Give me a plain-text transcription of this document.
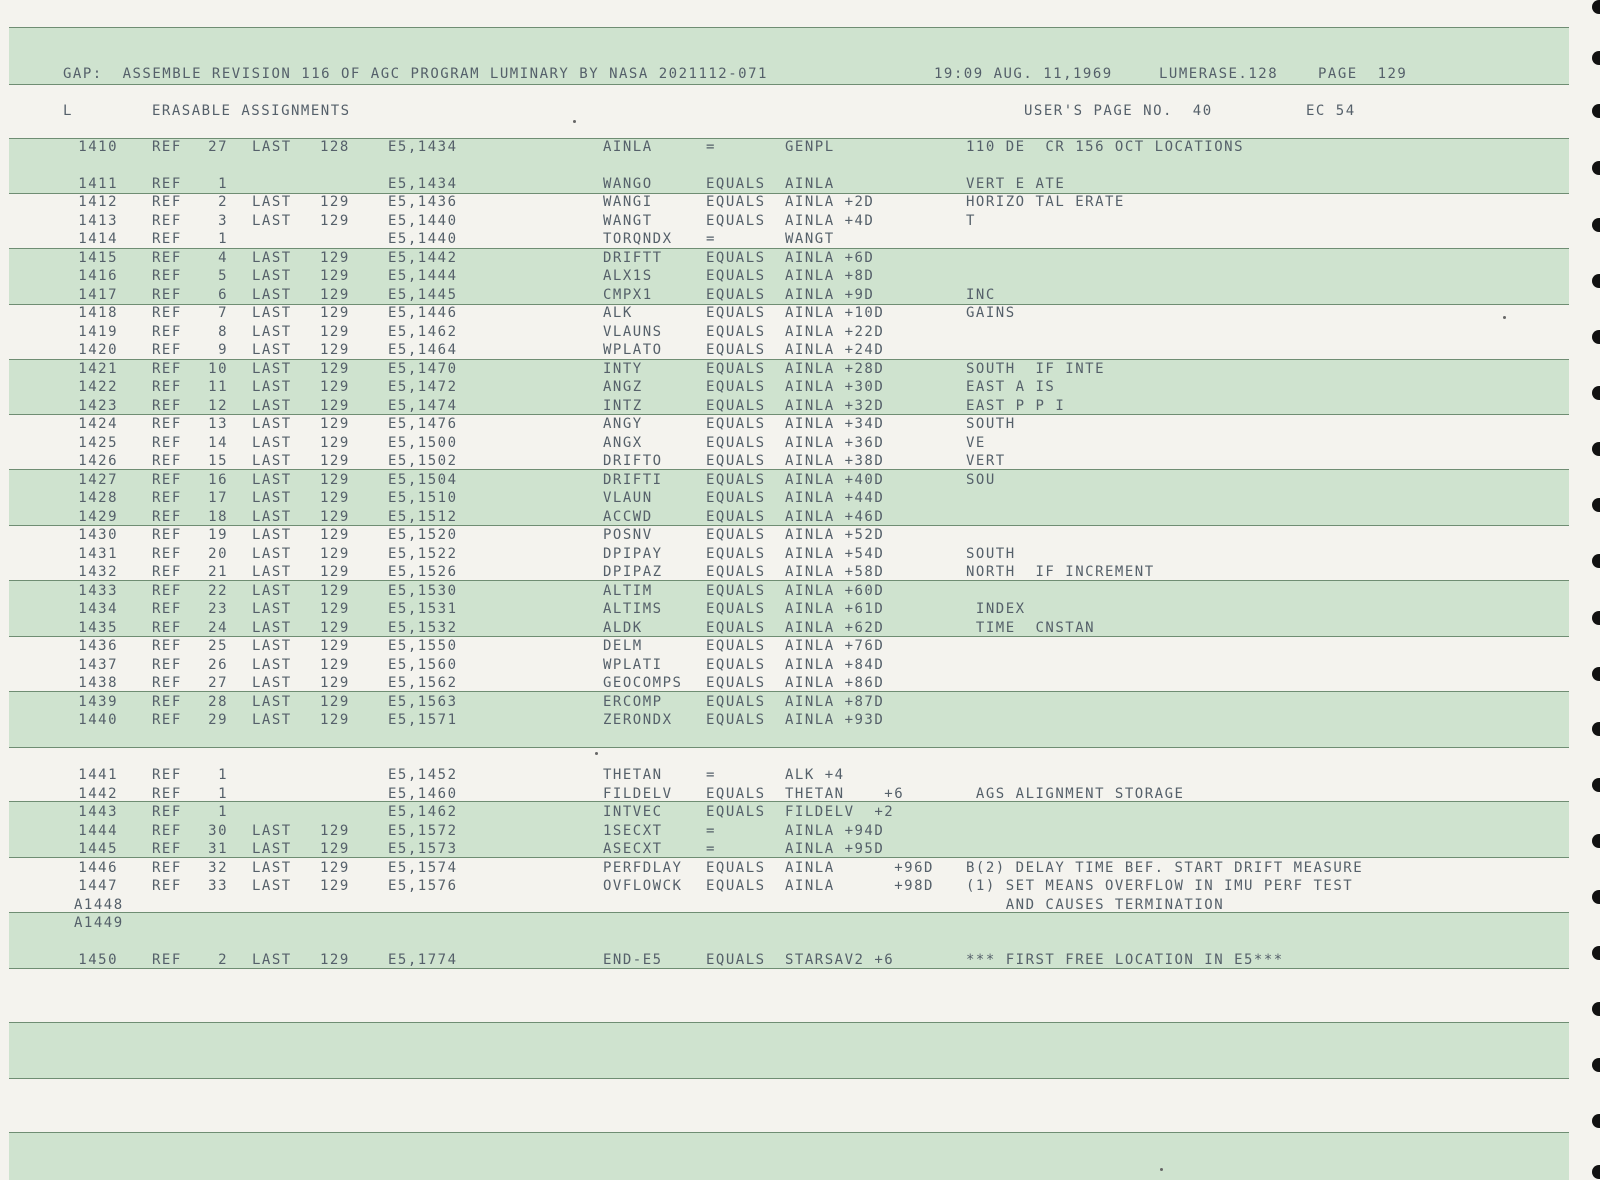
GAP:  ASSEMBLE REVISION 116 OF AGC PROGRAM LUMINARY BY NASA 2021112-071	19:09 AUG. 11,1969	LUMERASE.128	PAGE  129
L	ERASABLE ASSIGNMENTS	USER'S PAGE NO.  40	EC 54
1410 REF	27 LAST 128	E5,1434	AINLA	=	GENPL	110 DE  CR 156 OCT LOCATIONS
1411 REF	1	E5,1434	WANGO	EQUALS AINLA	VERT E ATE
1412 REF	2 LAST 129	E5,1436	WANGI	EQUALS AINLA +2D	HORIZO TAL ERATE
1413 REF	3 LAST 129	E5,1440	WANGT	EQUALS AINLA +4D	T
1414 REF	1	E5,1440	TORQNDX =	WANGT
1415 REF	4 LAST 129	E5,1442	DRIFTT	EQUALS AINLA +6D
1416 REF	5 LAST 129	E5,1444	ALX1S	EQUALS AINLA +8D
1417 REF	6 LAST 129	E5,1445	CMPX1	EQUALS AINLA +9D	INC
1418 REF	7 LAST 129	E5,1446	ALK	EQUALS AINLA +10D	GAINS
1419 REF	8 LAST 129	E5,1462	VLAUNS	EQUALS AINLA +22D
1420 REF	9 LAST 129	E5,1464	WPLATO	EQUALS AINLA +24D
1421 REF	10 LAST 129	E5,1470	INTY	EQUALS AINLA +28D	SOUTH  IF INTE
1422 REF	11 LAST 129	E5,1472	ANGZ	EQUALS AINLA +30D	EAST A IS
1423 REF	12 LAST 129	E5,1474	INTZ	EQUALS AINLA +32D	EAST P P I
1424 REF	13 LAST 129	E5,1476	ANGY	EQUALS AINLA +34D	SOUTH
1425 REF	14 LAST 129	E5,1500	ANGX	EQUALS AINLA +36D	VE
1426 REF	15 LAST 129	E5,1502	DRIFTO	EQUALS AINLA +38D	VERT
1427 REF	16 LAST 129	E5,1504	DRIFTI	EQUALS AINLA +40D	SOU
1428 REF	17 LAST 129	E5,1510	VLAUN	EQUALS AINLA +44D
1429 REF	18 LAST 129	E5,1512	ACCWD	EQUALS AINLA +46D
1430 REF	19 LAST 129	E5,1520	POSNV	EQUALS AINLA +52D
1431 REF	20 LAST 129	E5,1522	DPIPAY	EQUALS AINLA +54D	SOUTH
1432 REF	21 LAST 129	E5,1526	DPIPAZ	EQUALS AINLA +58D	NORTH  IF INCREMENT
1433 REF	22 LAST 129	E5,1530	ALTIM	EQUALS AINLA +60D
1434 REF	23 LAST 129	E5,1531	ALTIMS	EQUALS AINLA +61D	INDEX
1435 REF	24 LAST 129	E5,1532	ALDK	EQUALS AINLA +62D	TIME  CNSTAN
1436 REF	25 LAST 129	E5,1550	DELM	EQUALS AINLA +76D
1437 REF	26 LAST 129	E5,1560	WPLATI	EQUALS AINLA +84D
1438 REF	27 LAST 129	E5,1562	GEOCOMPS EQUALS AINLA +86D
1439 REF	28 LAST 129	E5,1563	ERCOMP	EQUALS AINLA +87D
1440 REF	29 LAST 129	E5,1571	ZERONDX EQUALS AINLA +93D
1441 REF	1	E5,1452	THETAN	=	ALK +4
1442 REF	1	E5,1460	FILDELV EQUALS THETAN    +6	AGS ALIGNMENT STORAGE
1443 REF	1	E5,1462	INTVEC	EQUALS FILDELV  +2
1444 REF	30 LAST 129	E5,1572	1SECXT	=	AINLA +94D
1445 REF	31 LAST 129	E5,1573	ASECXT	=	AINLA +95D
1446 REF	32 LAST 129	E5,1574	PERFDLAY EQUALS AINLA      +96D B(2) DELAY TIME BEF. START DRIFT MEASURE
1447 REF	33 LAST 129	E5,1576	OVFLOWCK EQUALS AINLA      +98D (1) SET MEANS OVERFLOW IN IMU PERF TEST
A1448	AND CAUSES TERMINATION
A1449
1450 REF	2 LAST 129	E5,1774	END-E5	EQUALS STARSAV2 +6	*** FIRST FREE LOCATION IN E5***
